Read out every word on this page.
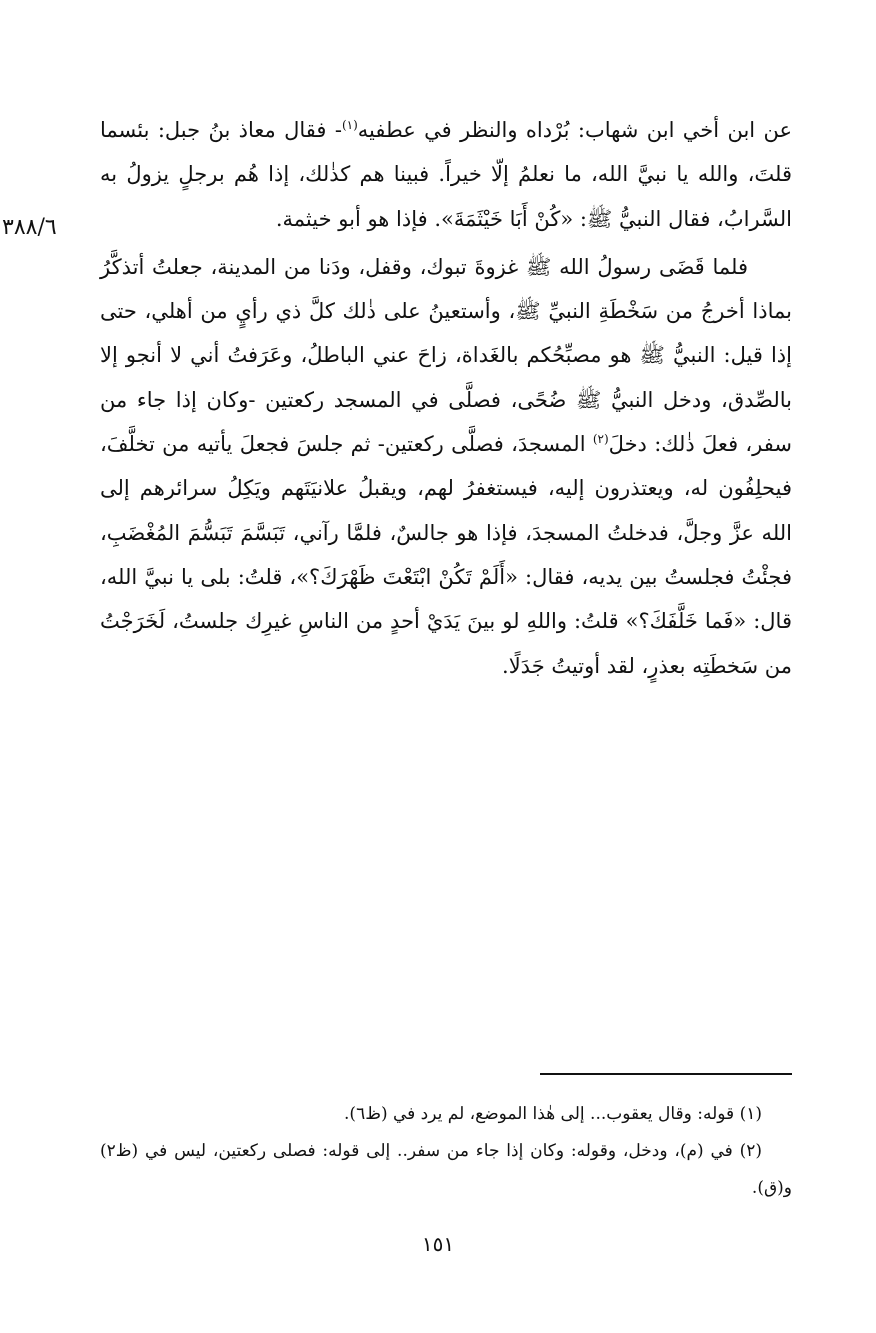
٣٨٨/٦

عن ابن أخي ابن شهاب: بُرْداه والنظر في عطفيه$^{(١)}$- فقال معاذ بنُ جبل: بئسما قلتَ، والله يا نبيَّ الله، ما نعلمُ إلّا خيراً. فبينا هم كذٰلك، إذا هُم برجلٍ يزولُ به السَّرابُ، فقال النبيُّ ﷺ: «كُنْ أَبَا خَيْثَمَةَ». فإذا هو أبو خيثمة.

فلما قَضَى رسولُ الله ﷺ غزوةَ تبوك، وقفل، ودَنا من المدينة، جعلتُ أتذكَّرُ بماذا أخرجُ من سَخْطَةِ النبيِّ ﷺ، وأستعينُ على ذٰلك كلَّ ذي رأيٍ من أهلي، حتى إذا قيل: النبيُّ ﷺ هو مصبِّحُكم بالغَداة، زاحَ عني الباطلُ، وعَرَفتُ أني لا أنجو إلا بالصِّدق، ودخل النبيُّ ﷺ ضُحًى، فصلَّى في المسجد ركعتين -وكان إذا جاء من سفر، فعلَ ذٰلك: دخلَ$^{(٢)}$ المسجدَ، فصلَّى ركعتين- ثم جلسَ فجعلَ يأتيه من تخلَّفَ، فيحلِفُون له، ويعتذرون إليه، فيستغفرُ لهم، ويقبلُ علانيَتَهم ويَكِلُ سرائرهم إلى الله عزَّ وجلَّ، فدخلتُ المسجدَ، فإذا هو جالسٌ، فلمَّا رآني، تَبَسَّمَ تَبَسُّمَ المُغْضَبِ، فجئْتُ فجلستُ بين يديه، فقال: «أَلَمْ تَكُنْ ابْتَعْتَ ظَهْرَكَ؟»، قلتُ: بلى يا نبيَّ الله، قال: «فَما خَلَّفَكَ؟» قلتُ: واللهِ لو بينَ يَدَيْ أحدٍ من الناسِ غيرِك جلستُ، لَخَرَجْتُ من سَخطَتِه بعذرٍ، لقد أوتيتُ جَدَلًا.

(١) قوله: وقال يعقوب... إلى هٰذا الموضع، لم يرد في (ظ٦).

(٢) في (م)، ودخل، وقوله: وكان إذا جاء من سفر.. إلى قوله: فصلى ركعتين، ليس في (ظ٢) و(ق).

١٥١
